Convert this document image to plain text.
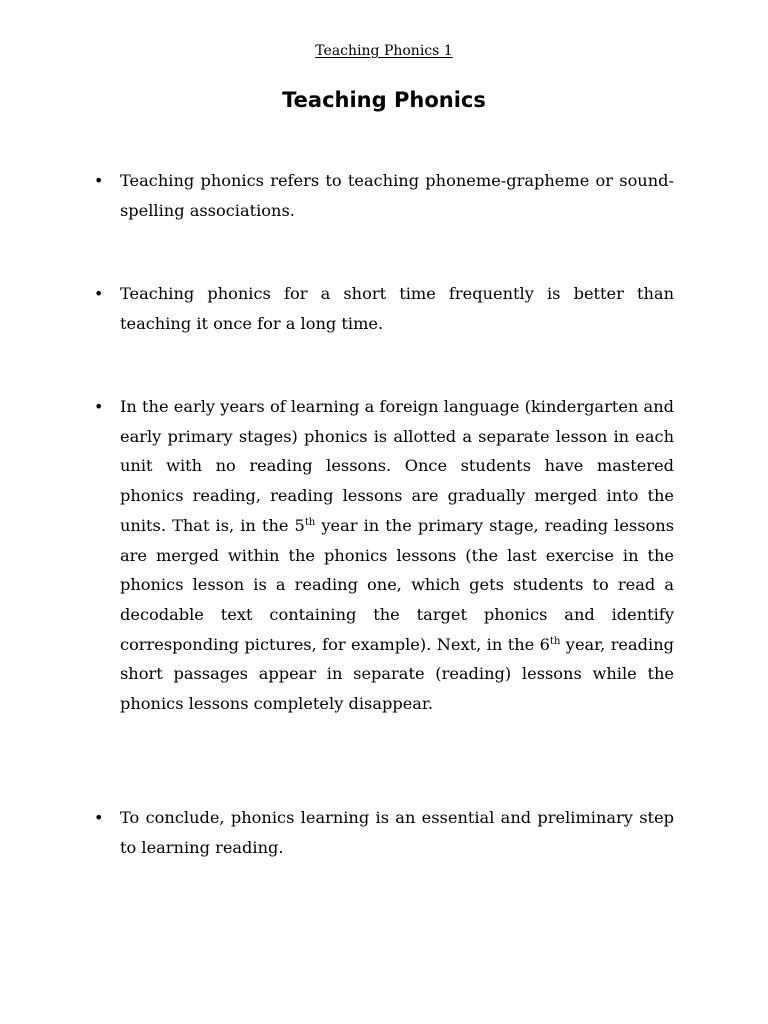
Teaching Phonics 1
Teaching Phonics
• Teaching phonics refers to teaching phoneme-grapheme or sound-spelling associations.
• Teaching phonics for a short time frequently is better than teaching it once for a long time.
• In the early years of learning a foreign language (kindergarten and early primary stages) phonics is allotted a separate lesson in each unit with no reading lessons. Once students have mastered phonics reading, reading lessons are gradually merged into the units. That is, in the 5th year in the primary stage, reading lessons are merged within the phonics lessons (the last exercise in the phonics lesson is a reading one, which gets students to read a decodable text containing the target phonics and identify corresponding pictures, for example). Next, in the 6th year, reading short passages appear in separate (reading) lessons while the phonics lessons completely disappear.
• To conclude, phonics learning is an essential and preliminary step to learning reading.
